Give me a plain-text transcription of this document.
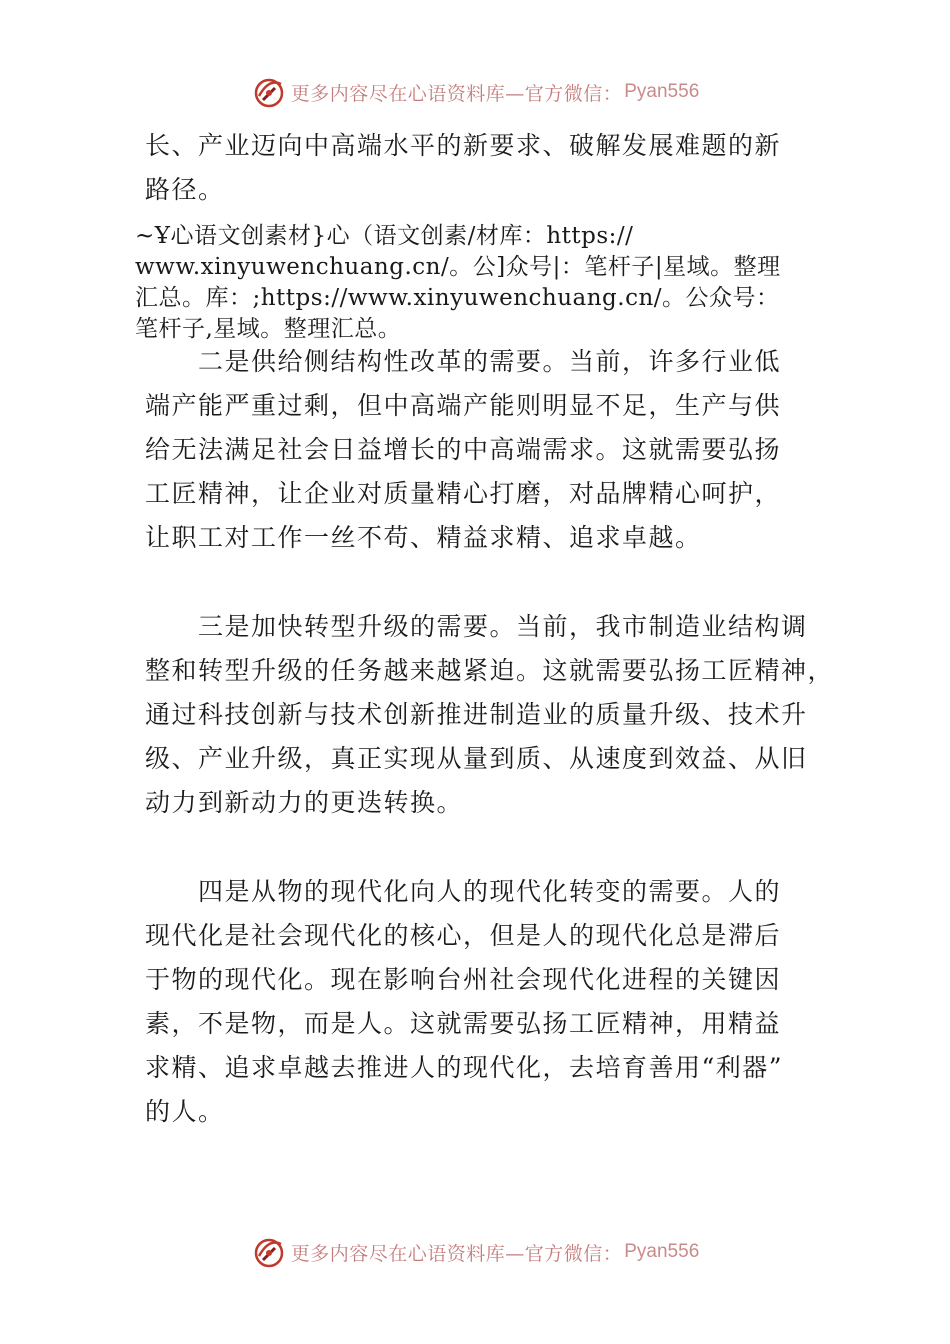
更多内容尽在心语资料库—官方微信： Pyan556

长、产业迈向中高端水平的新要求、破解发展难题的新
路径。

~Ұ心语文创素材}心（语文创素/材库：https://
www.xinyuwenchuang.cn/。公]众号|：笔杆子|星域。整理
汇总。库：;https://www.xinyuwenchuang.cn/。公众号：
笔杆子,星域。整理汇总。

　　二是供给侧结构性改革的需要。当前，许多行业低
端产能严重过剩，但中高端产能则明显不足，生产与供
给无法满足社会日益增长的中高端需求。这就需要弘扬
工匠精神，让企业对质量精心打磨，对品牌精心呵护，
让职工对工作一丝不苟、精益求精、追求卓越。

　　三是加快转型升级的需要。当前，我市制造业结构调
整和转型升级的任务越来越紧迫。这就需要弘扬工匠精神，
通过科技创新与技术创新推进制造业的质量升级、技术升
级、产业升级，真正实现从量到质、从速度到效益、从旧
动力到新动力的更迭转换。

　　四是从物的现代化向人的现代化转变的需要。人的
现代化是社会现代化的核心，但是人的现代化总是滞后
于物的现代化。现在影响台州社会现代化进程的关键因
素，不是物，而是人。这就需要弘扬工匠精神，用精益
求精、追求卓越去推进人的现代化，去培育善用“利器”
的人。

更多内容尽在心语资料库—官方微信： Pyan556
